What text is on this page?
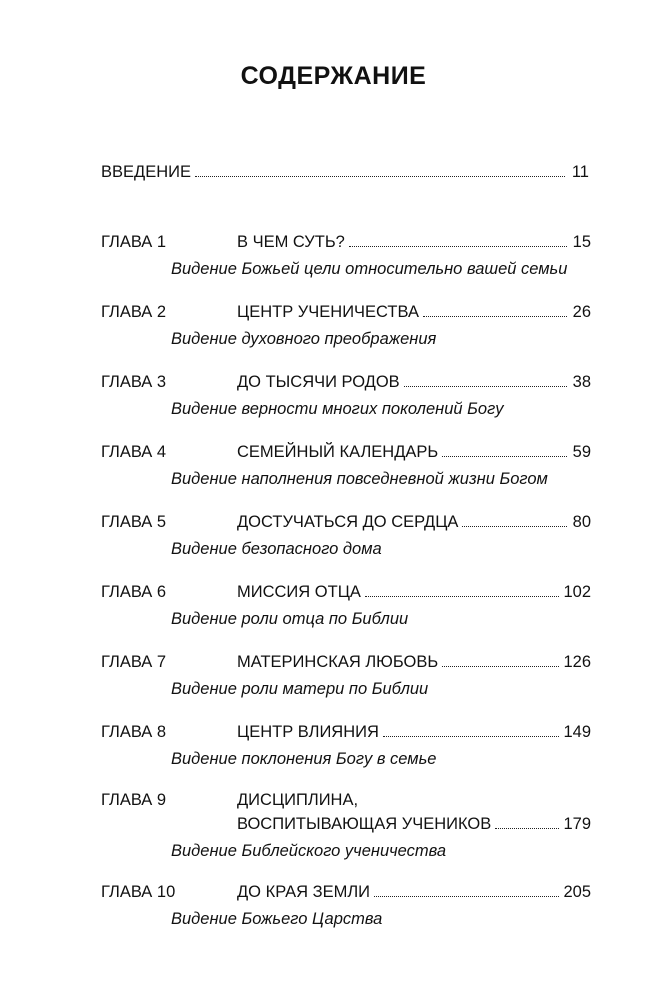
СОДЕРЖАНИЕ
ВВЕДЕНИЕ	11
ГЛАВА 1	В ЧЕМ СУТЬ?	15
Видение Божьей цели относительно вашей семьи
ГЛАВА 2	ЦЕНТР УЧЕНИЧЕСТВА	26
Видение духовного преображения
ГЛАВА 3	ДО ТЫСЯЧИ РОДОВ	38
Видение верности многих поколений Богу
ГЛАВА 4	СЕМЕЙНЫЙ КАЛЕНДАРЬ	59
Видение наполнения повседневной жизни Богом
ГЛАВА 5	ДОСТУЧАТЬСЯ ДО СЕРДЦА	80
Видение безопасного дома
ГЛАВА 6	МИССИЯ ОТЦА	102
Видение роли отца по Библии
ГЛАВА 7	МАТЕРИНСКАЯ ЛЮБОВЬ	126
Видение роли матери по Библии
ГЛАВА 8	ЦЕНТР ВЛИЯНИЯ	149
Видение поклонения Богу в семье
ГЛАВА 9	ДИСЦИПЛИНА,
ВОСПИТЫВАЮЩАЯ УЧЕНИКОВ	179
Видение Библейского ученичества
ГЛАВА 10	ДО КРАЯ ЗЕМЛИ	205
Видение Божьего Царства
